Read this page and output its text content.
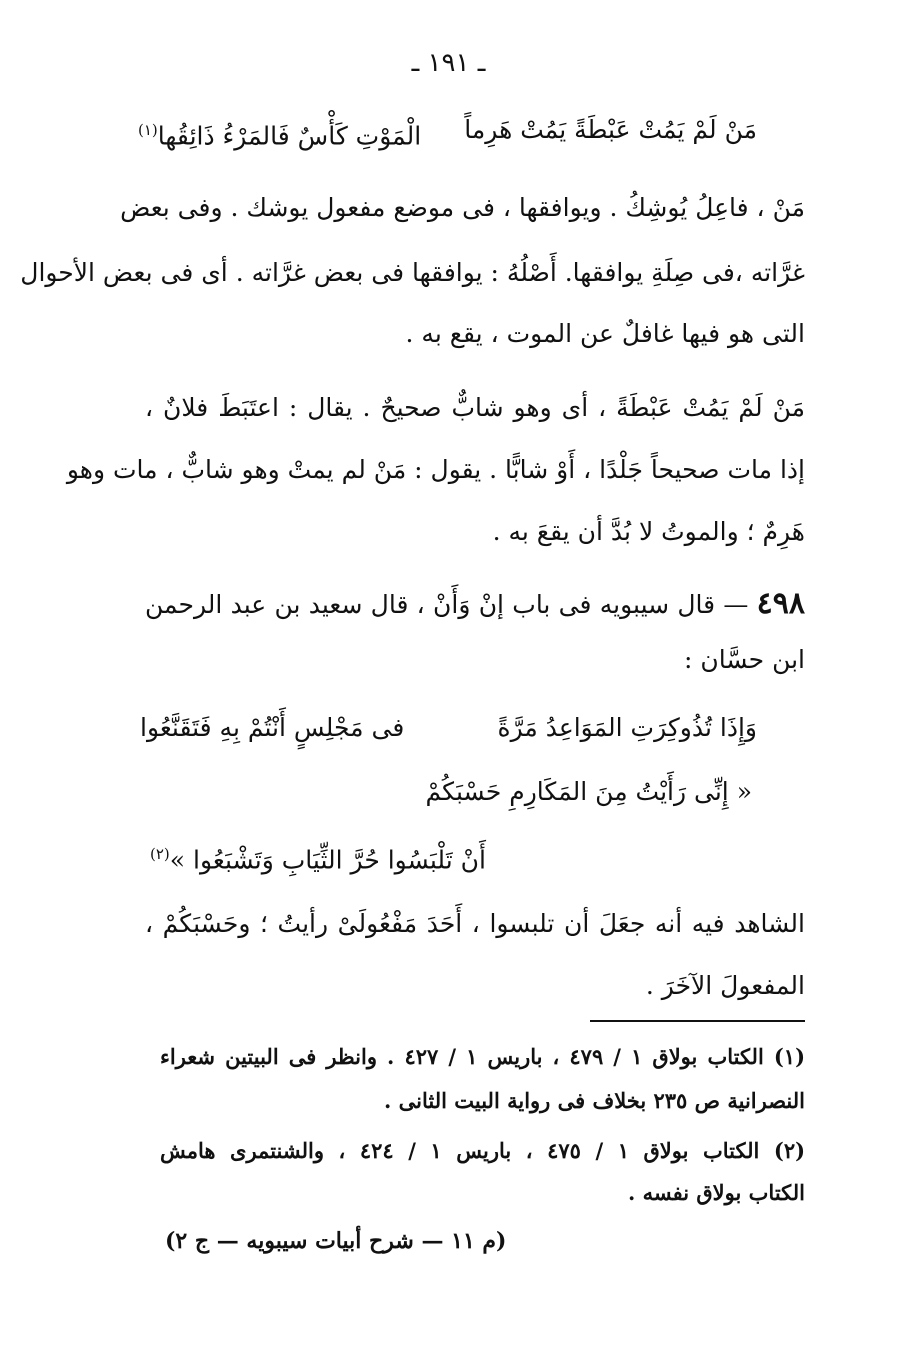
ـ ١٩١ ـ
مَنْ لَمْ يَمُتْ عَبْطَةً يَمُتْ هَرِماً
الْمَوْتِ كَأْسٌ فَالمَرْءُ ذَائِقُها$^{(١)}$
مَنْ ، فاعِلُ يُوشِكُ . ويوافقها ، فى موضع مفعول يوشك . وفى بعض
غرَّاته ،فى صِلَةِ يوافقها. أَصْلُهُ : يوافقها فى بعض غرَّاته . أى فى بعض الأحوال
التى هو فيها غافلٌ عن الموت ، يقع به .
مَنْ لَمْ يَمُتْ عَبْطَةً ، أى وهو شابٌّ صحيحٌ . يقال : اعتَبَطَ فلانٌ ،
إذا مات صحيحاً جَلْدًا ، أَوْ شابًّا . يقول : مَنْ لم يمتْ وهو شابٌّ ، مات وهو
هَرِمٌ ؛ والموتُ لا بُدَّ أن يقعَ به .
٤٩٨ — قال سيبويه فى باب إنْ وَأَنْ ، قال سعيد بن عبد الرحمن
ابن حسَّان :
وَإِذَا تُذُوكِرَتِ المَوَاعِدُ مَرَّةً
فى مَجْلِسٍ أَنْتُمْ بِهِ فَتَقَنَّعُوا
« إِنِّى رَأَيْتُ مِنَ المَكَارِمِ حَسْبَكُمْ
أَنْ تَلْبَسُوا حُرَّ الثِّيَابِ وَتَشْبَعُوا »$^{(٢)}$
الشاهد فيه أنه جعَلَ أن تلبسوا ، أَحَدَ مَفْعُولَىْ رأيتُ ؛ وحَسْبَكُمْ ،
المفعولَ الآخَرَ .
(١) الكتاب بولاق ١ / ٤٧٩ ، باريس ١ / ٤٢٧ . وانظر فى البيتين شعراء
النصرانية ص ٢٣٥ بخلاف فى رواية البيت الثانى .
(٢) الكتاب بولاق ١ / ٤٧٥ ، باريس ١ / ٤٢٤ ، والشنتمرى هامش
الكتاب بولاق نفسه .
(م ١١ — شرح أبيات سيبويه — ج ٢)
